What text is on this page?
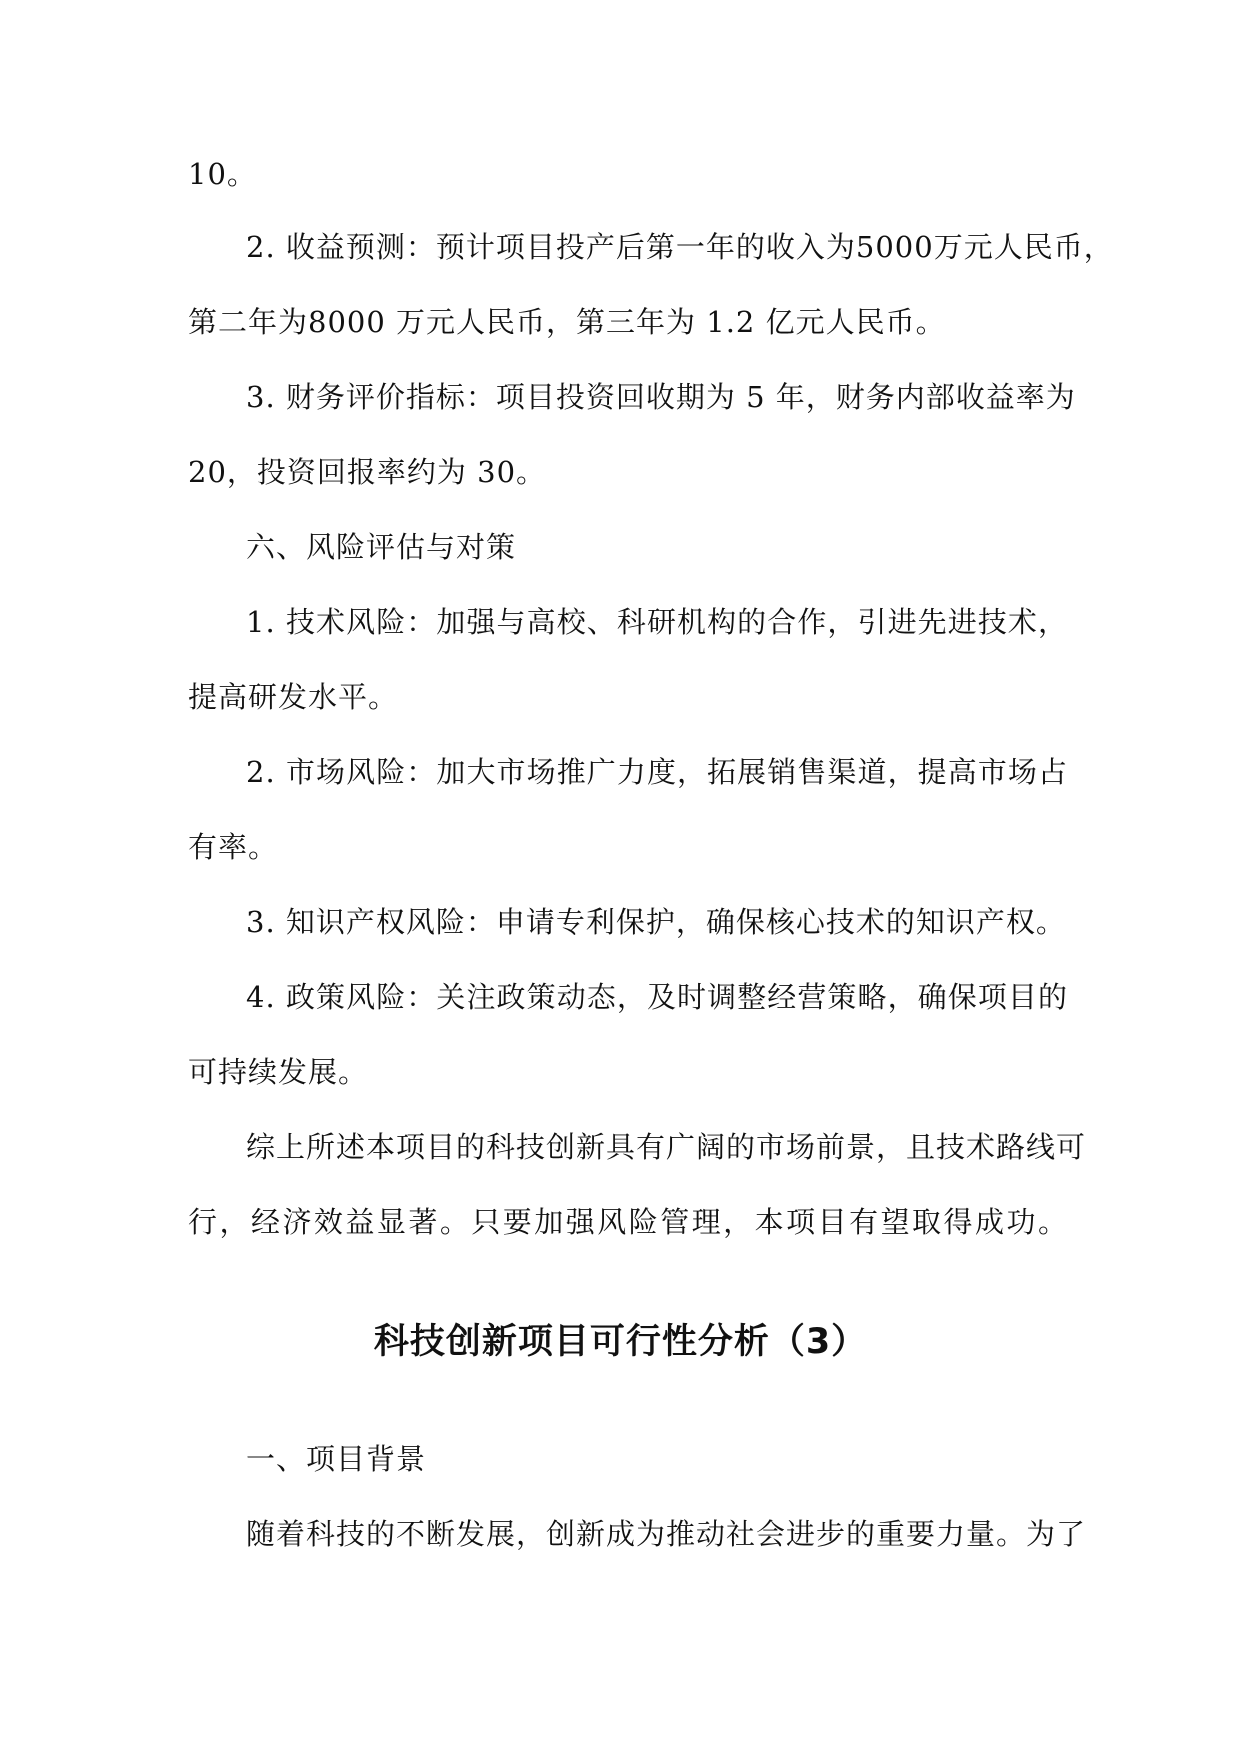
10。
2. 收益预测：预计项目投产后第一年的收入为5000万元人民币，
第二年为8000 万元人民币，第三年为 1.2 亿元人民币。
3. 财务评价指标：项目投资回收期为 5 年，财务内部收益率为
20，投资回报率约为 30。
六、风险评估与对策
1. 技术风险：加强与高校、科研机构的合作，引进先进技术，
提高研发水平。
2. 市场风险：加大市场推广力度，拓展销售渠道，提高市场占
有率。
3. 知识产权风险：申请专利保护，确保核心技术的知识产权。
4. 政策风险：关注政策动态，及时调整经营策略，确保项目的
可持续发展。
综上所述本项目的科技创新具有广阔的市场前景，且技术路线可
行，经济效益显著。只要加强风险管理，本项目有望取得成功。
科技创新项目可行性分析（3）
一、项目背景
随着科技的不断发展，创新成为推动社会进步的重要力量。为了
